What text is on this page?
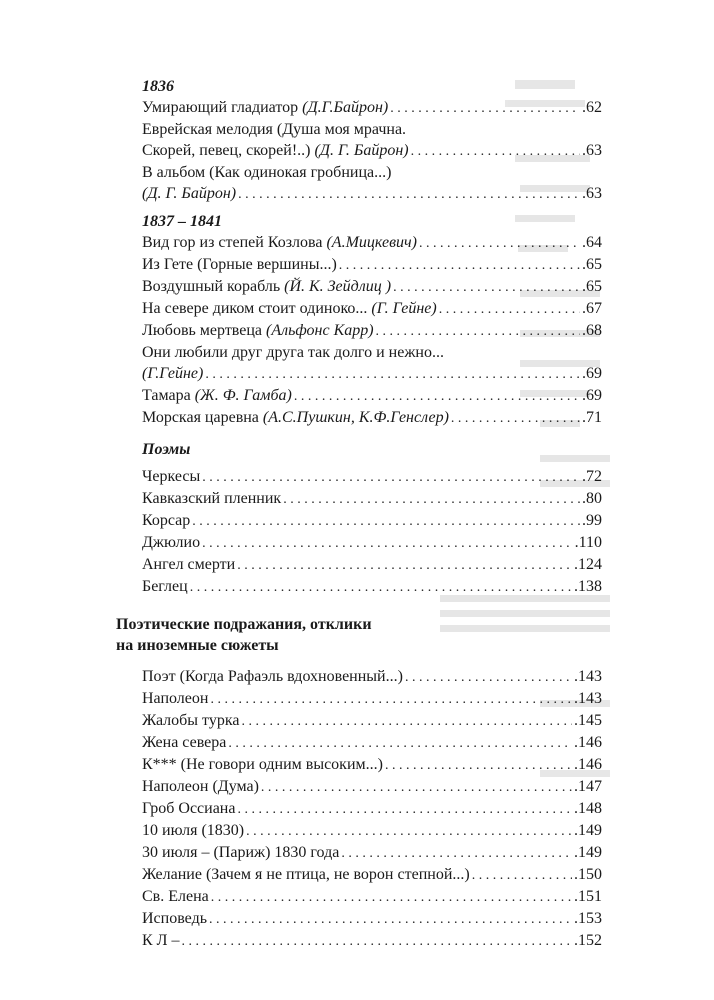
1836
Умирающий гладиатор (Д.Г.Байрон) . . .	.62
Еврейская мелодия (Душа моя мрачна.
Скорей, певец, скорей!..) (Д. Г. Байрон) . . .	.63
В альбом (Как одинокая гробница...)
(Д. Г. Байрон) . . .	.63
1837 – 1841
Вид гор из степей Козлова (А.Мицкевич) . . .	.64
Из Гете (Горные вершины...) . . .	.65
Воздушный корабль (Й. К. Зейдлиц ) . . .	.65
На севере диком стоит одиноко... (Г. Гейне) . . .	.67
Любовь мертвеца (Альфонс Карр) . . .	.68
Они любили друг друга так долго и нежно...
(Г.Гейне) . . .	.69
Тамара (Ж. Ф. Гамба) . . .	.69
Морская царевна (А.С.Пушкин, К.Ф.Генслер) . . .	.71
Поэмы
Черкесы . . .	.72
Кавказский пленник . . .	.80
Корсар . . .	.99
Джюлио . . .	.110
Ангел смерти . . .	.124
Беглец . . .	.138
Поэтические подражания, отклики
на иноземные сюжеты
Поэт (Когда Рафаэль вдохновенный...) . . .	.143
Наполеон . . .	.143
Жалобы турка . . .	.145
Жена севера . . .	.146
К*** (Не говори одним высоким...) . . .	.146
Наполеон (Дума) . . .	.147
Гроб Оссиана . . .	.148
10 июля (1830) . . .	.149
30 июля – (Париж) 1830 года . . .	.149
Желание (Зачем я не птица, не ворон степной...) . . .	.150
Св. Елена . . .	.151
Исповедь . . .	.153
К Л – . . .	.152
